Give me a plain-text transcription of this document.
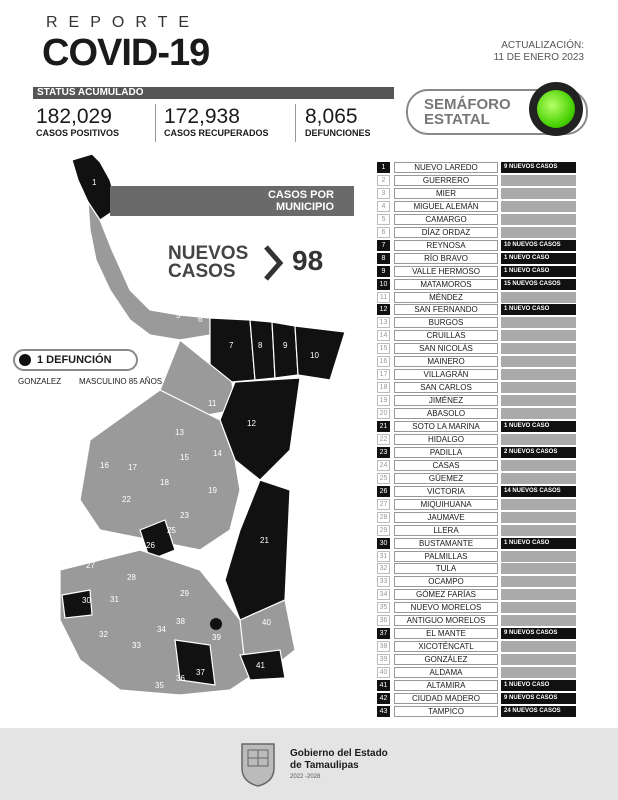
REPORTE
COVID-19	ACTUALIZACIÓN:
11 DE ENERO 2023
STATUS ACUMULADO
182,029
CASOS POSITIVOS
172,938
CASOS RECUPERADOS
8,065
DEFUNCIONES
SEMÁFORO
ESTATAL
1
2
3
4
5 6
7	8	9
10
11
12
13
14
15
16 17
18
19
20
21
22
23
24
25
26
27
28
29
30 31
32
33
34
35
36
37
38
39
40
41
42
CASOS POR
MUNICIPIO
NUEVOS
CASOS	98
1 DEFUNCIÓN
GONZALEZ MASCULINO 85 AÑOS
1	NUEVO LAREDO	9 NUEVOS CASOS
2	GUERRERO
3	MIER
4	MIGUEL ALEMÁN
5	CAMARGO
6	DÍAZ ORDAZ
7	REYNOSA	10 NUEVOS CASOS
8	RÍO BRAVO	1 NUEVO CASO
9	VALLE HERMOSO	1 NUEVO CASO
10	MATAMOROS	15 NUEVOS CASOS
11	MÉNDEZ
12	SAN FERNANDO	1 NUEVO CASO
13	BURGOS
14	CRUILLAS
15	SAN NICOLÁS
16	MAINERO
17	VILLAGRÁN
18	SAN CARLOS
19	JIMÉNEZ
20	ABASOLO
21	SOTO LA MARINA	1 NUEVO CASO
22	HIDALGO
23	PADILLA	2 NUEVOS CASOS
24	CASAS
25	GÜEMEZ
26	VICTORIA	14 NUEVOS CASOS
27	MIQUIHUANA
28	JAUMAVE
29	LLERA
30	BUSTAMANTE	1 NUEVO CASO
31	PALMILLAS
32	TULA
33	OCAMPO
34	GÓMEZ FARÍAS
35	NUEVO MORELOS
36	ANTIGUO MORELOS
37	EL MANTE	9 NUEVOS CASOS
38	XICOTÉNCATL
39	GONZÁLEZ
40	ALDAMA
41	ALTAMIRA	1 NUEVO CASO
42	CIUDAD MADERO	9 NUEVOS CASOS
43	TAMPICO	24 NUEVOS CASOS
Gobierno del Estado
de Tamaulipas
2022 -2028
